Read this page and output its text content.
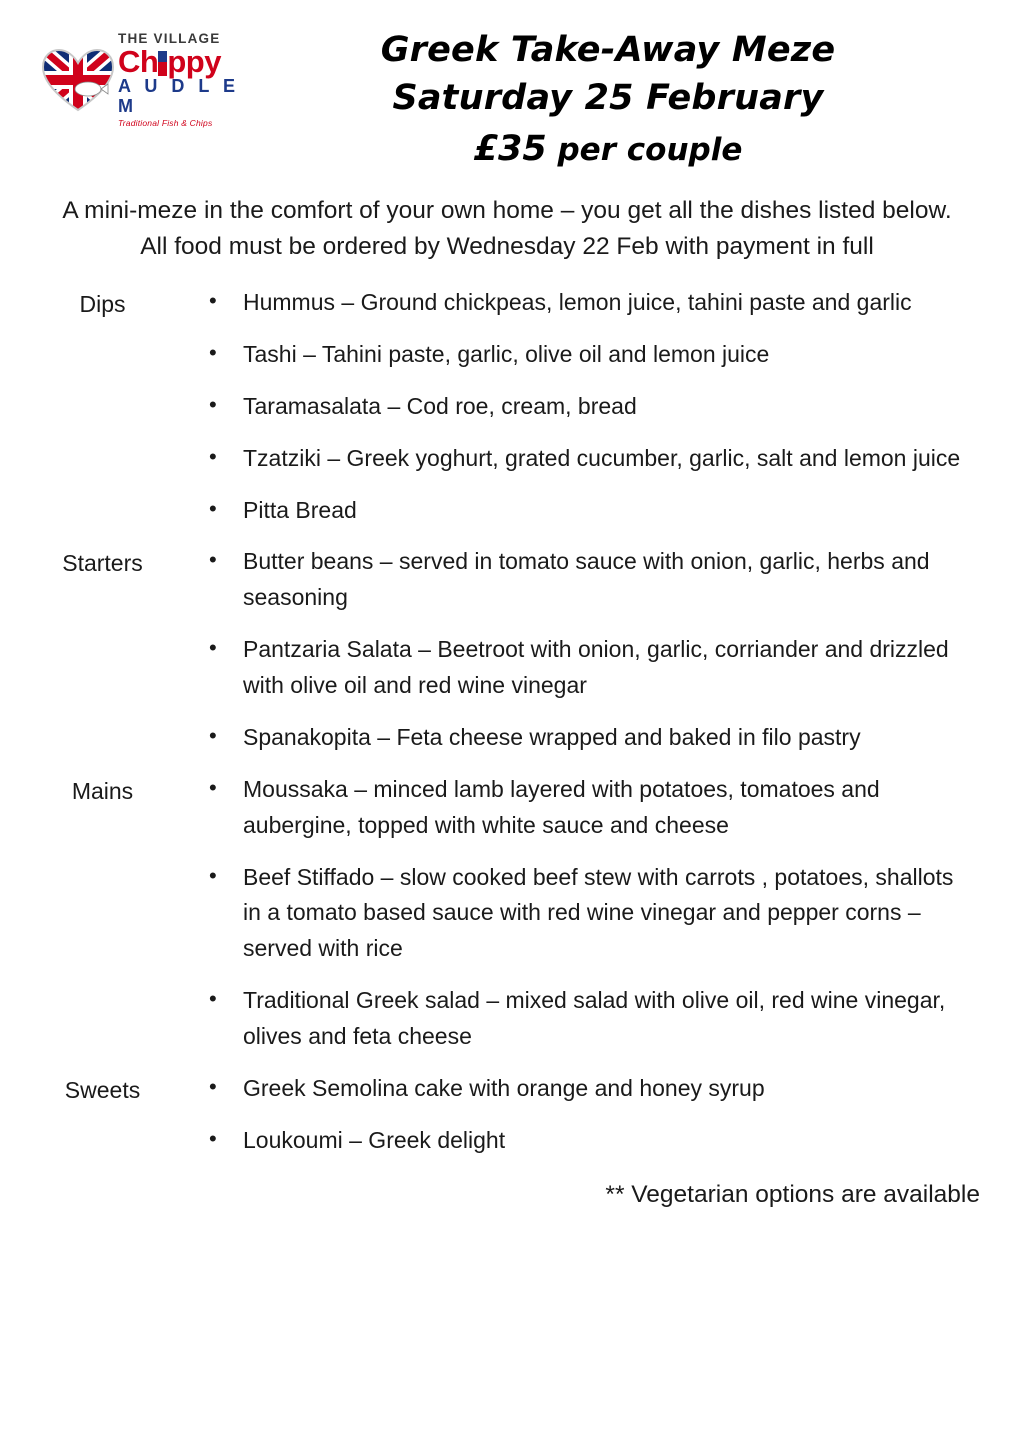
THE VILLAGE
Ch ppy
A U D L E M
Traditional Fish & Chips
Greek Take-Away Meze
Saturday 25 February
£35 per couple
A mini-meze in the comfort of your own home – you get all the dishes listed below. All food must be ordered by Wednesday 22 Feb with payment in full
Dips	•	Hummus – Ground chickpeas, lemon juice, tahini paste and garlic
•	Tashi – Tahini paste, garlic, olive oil and lemon juice
•	Taramasalata – Cod roe, cream, bread
•	Tzatziki – Greek yoghurt, grated cucumber, garlic, salt and lemon juice
•	Pitta Bread
Starters	•	Butter beans – served in tomato sauce with onion, garlic, herbs and seasoning
•	Pantzaria Salata – Beetroot with onion, garlic, corriander and drizzled with olive oil and red wine vinegar
•	Spanakopita – Feta cheese wrapped and baked in filo pastry
Mains	•	Moussaka – minced lamb layered with potatoes, tomatoes and aubergine, topped with white sauce and cheese
•	Beef Stiffado – slow cooked beef stew with carrots , potatoes, shallots in a tomato based sauce with red wine vinegar and pepper corns – served with rice
•	Traditional Greek salad – mixed salad with olive oil, red wine vinegar, olives and feta cheese
Sweets	•	Greek Semolina cake with orange and honey syrup
•	Loukoumi – Greek delight
** Vegetarian options are available
